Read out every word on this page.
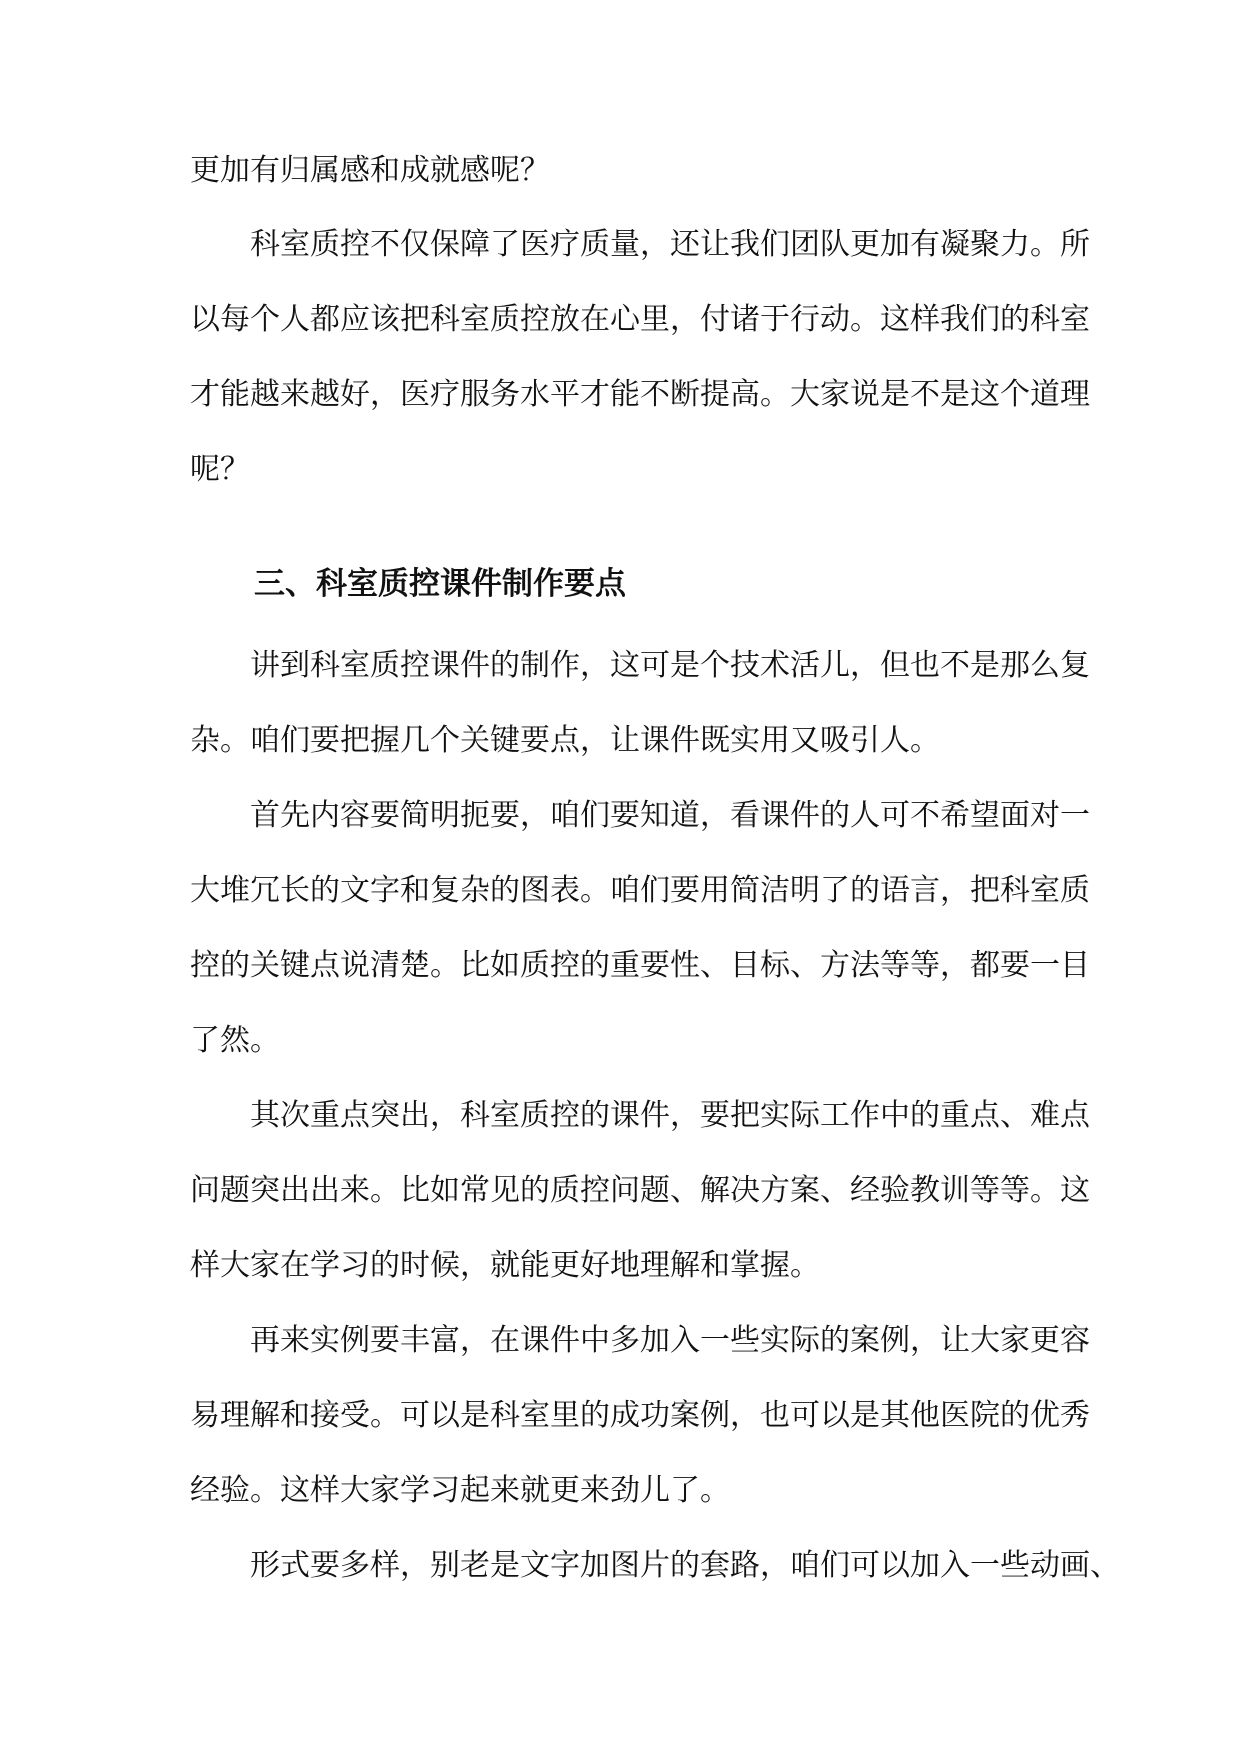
更加有归属感和成就感呢？
科室质控不仅保障了医疗质量，还让我们团队更加有凝聚力。所
以每个人都应该把科室质控放在心里，付诸于行动。这样我们的科室
才能越来越好，医疗服务水平才能不断提高。大家说是不是这个道理
呢？
三、科室质控课件制作要点
讲到科室质控课件的制作，这可是个技术活儿，但也不是那么复
杂。咱们要把握几个关键要点，让课件既实用又吸引人。
首先内容要简明扼要，咱们要知道，看课件的人可不希望面对一
大堆冗长的文字和复杂的图表。咱们要用简洁明了的语言，把科室质
控的关键点说清楚。比如质控的重要性、目标、方法等等，都要一目
了然。
其次重点突出，科室质控的课件，要把实际工作中的重点、难点
问题突出出来。比如常见的质控问题、解决方案、经验教训等等。这
样大家在学习的时候，就能更好地理解和掌握。
再来实例要丰富，在课件中多加入一些实际的案例，让大家更容
易理解和接受。可以是科室里的成功案例，也可以是其他医院的优秀
经验。这样大家学习起来就更来劲儿了。
形式要多样，别老是文字加图片的套路，咱们可以加入一些动画、
